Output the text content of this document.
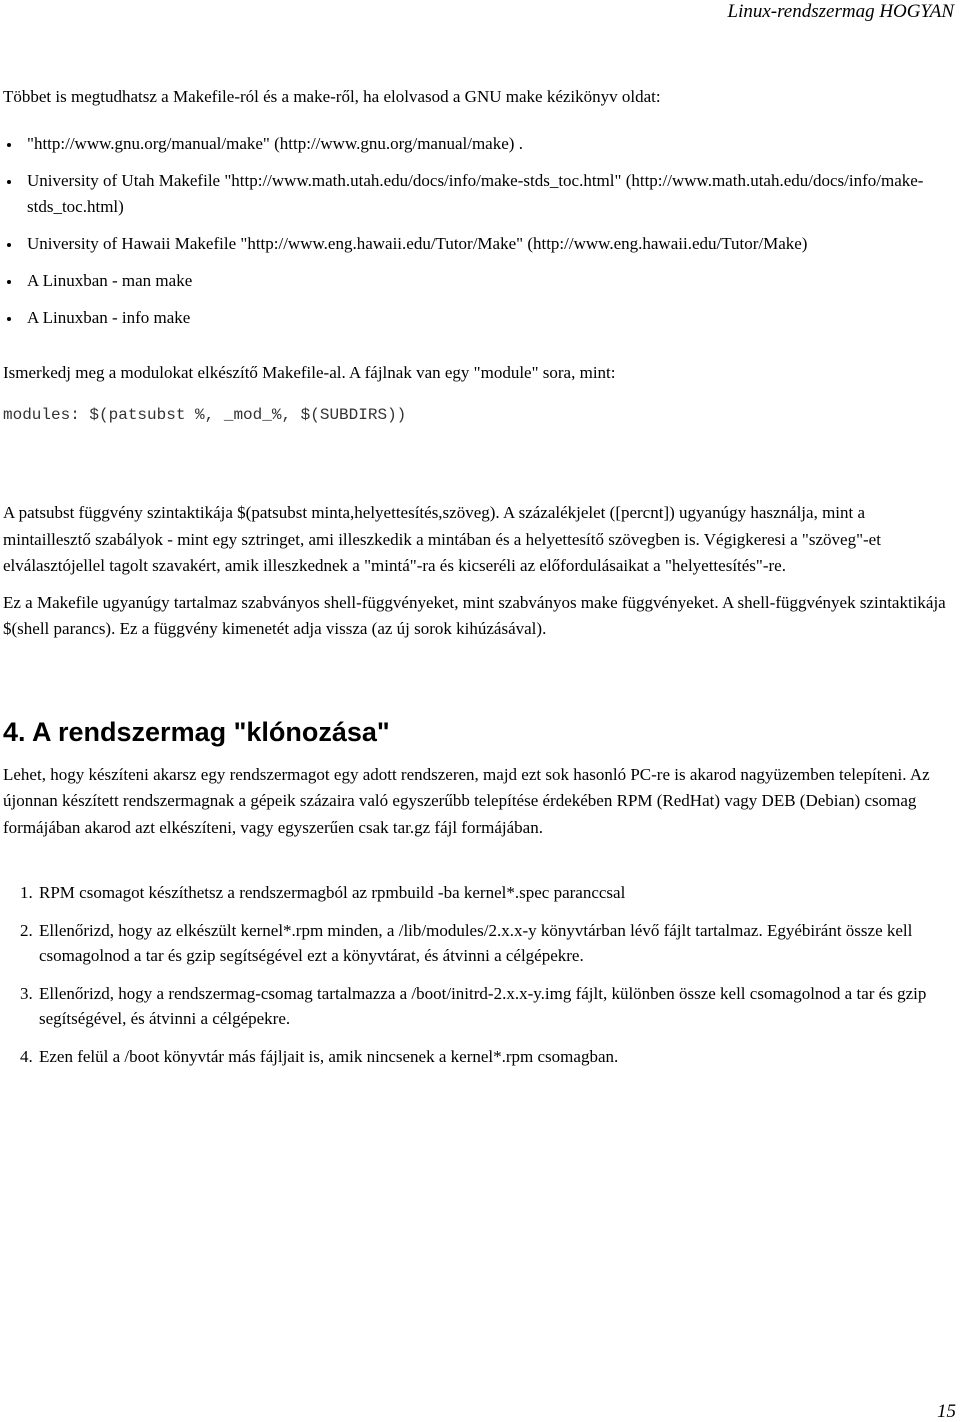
Linux-rendszermag HOGYAN

Többet is megtudhatsz a Makefile-ról és a make-ről, ha elolvasod a GNU make kézikönyv oldat:

"http://www.gnu.org/manual/make" (http://www.gnu.org/manual/make) .
University of Utah Makefile "http://www.math.utah.edu/docs/info/make-stds_toc.html" (http://www.math.utah.edu/docs/info/make-stds_toc.html)
University of Hawaii Makefile "http://www.eng.hawaii.edu/Tutor/Make" (http://www.eng.hawaii.edu/Tutor/Make)
A Linuxban - man make
A Linuxban - info make

Ismerkedj meg a modulokat elkészítő Makefile-al. A fájlnak van egy "module" sora, mint:

modules: $(patsubst %, _mod_%, $(SUBDIRS))

A patsubst függvény szintaktikája $(patsubst minta,helyettesítés,szöveg). A százalékjelet ([percnt]) ugyanúgy használja, mint a mintaillesztő szabályok - mint egy sztringet, ami illeszkedik a mintában és a helyettesítő szövegben is. Végigkeresi a "szöveg"-et elválasztójellel tagolt szavakért, amik illeszkednek a "mintá"-ra és kicseréli az előfordulásaikat a "helyettesítés"-re.

Ez a Makefile ugyanúgy tartalmaz szabványos shell-függvényeket, mint szabványos make függvényeket. A shell-függvények szintaktikája $(shell parancs). Ez a függvény kimenetét adja vissza (az új sorok kihúzásával).

4. A rendszermag "klónozása"

Lehet, hogy készíteni akarsz egy rendszermagot egy adott rendszeren, majd ezt sok hasonló PC-re is akarod nagyüzemben telepíteni. Az újonnan készített rendszermagnak a gépeik százaira való egyszerűbb telepítése érdekében RPM (RedHat) vagy DEB (Debian) csomag formájában akarod azt elkészíteni, vagy egyszerűen csak tar.gz fájl formájában.

1. RPM csomagot készíthetsz a rendszermagból az rpmbuild -ba kernel*.spec paranccsal
2. Ellenőrizd, hogy az elkészült kernel*.rpm minden, a /lib/modules/2.x.x-y könyvtárban lévő fájlt tartalmaz. Egyébiránt össze kell csomagolnod a tar és gzip segítségével ezt a könyvtárat, és átvinni a célgépekre.
3. Ellenőrizd, hogy a rendszermag-csomag tartalmazza a /boot/initrd-2.x.x-y.img fájlt, különben össze kell csomagolnod a tar és gzip segítségével, és átvinni a célgépekre.
4. Ezen felül a /boot könyvtár más fájljait is, amik nincsenek a kernel*.rpm csomagban.
15
